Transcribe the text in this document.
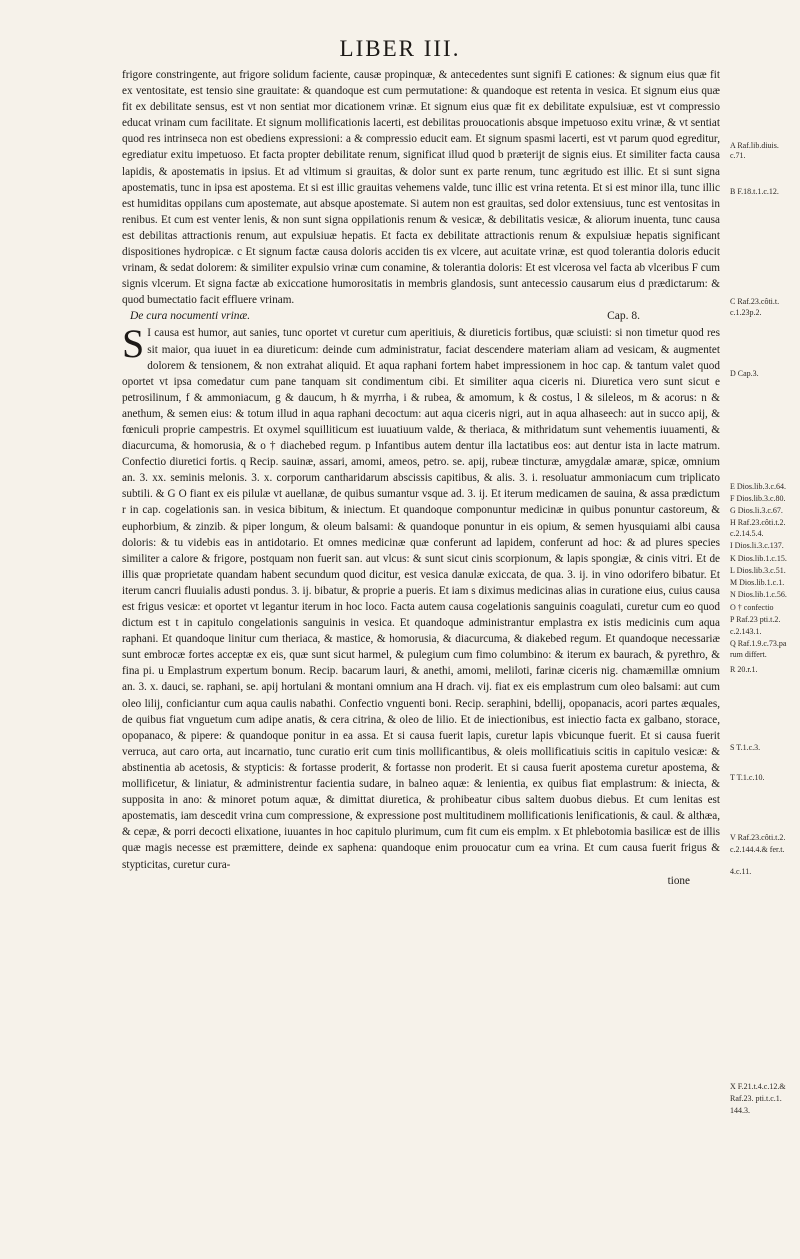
LIBER III.

frigore constringente, aut frigore solidum faciente, causæ propinquæ, & antecedentes sunt signifi E cationes: & signum eius quæ fit ex ventositate, est tensio sine grauitate: & quandoque est cum permutatione: & quandoque est retenta in vesica. Et signum eius quæ fit ex debilitate sensus, est vt non sentiat mor dicationem vrinæ. Et signum eius quæ fit ex debilitate expulsiuæ, est vt compressio educat vrinam cum facilitate. Et signum mollificationis lacerti, est debilitas prouocationis absque impetuoso exitu vrinæ, & vt sentiat quod res intrinseca non est obediens expressioni: a & compressio educit eam. Et signum spasmi lacerti, est vt parum quod egreditur, egrediatur exitu impetuoso. Et facta propter debilitate renum, significat illud quod b præterijt de signis eius. Et similiter facta causa lapidis, & apostematis in ipsius. Et ad vltimum si grauitas, & dolor sunt ex parte renum, tunc ægritudo est illic. Et si sunt signa apostematis, tunc in ipsa est apostema. Et si est illic grauitas vehemens valde, tunc illic est vrina retenta. Et si est minor illa, tunc illic est humiditas oppilans cum apostemate, aut absque apostemate. Si autem non est grauitas, sed dolor extensiuus, tunc est ventositas in renibus. Et cum est venter lenis, & non sunt signa oppilationis renum & vesicæ, & debilitatis vesicæ, & aliorum inuenta, tunc causa est debilitas attractionis renum, aut expulsiuæ hepatis. Et facta ex debilitate attractionis renum & expulsiuæ hepatis significant dispositiones hydropicæ. c Et signum factæ causa doloris acciden tis ex vlcere, aut acuitate vrinæ, est quod tolerantia doloris educit vrinam, & sedat dolorem: & similiter expulsio vrinæ cum conamine, & tolerantia doloris: Et est vlcerosa vel facta ab vlceribus F cum signis vlcerum. Et signa factæ ab exiccatione humorositatis in membris glandosis, sunt antecessio causarum eius d prædictarum: & quod bumectatio facit effluere vrinam.

De cura nocumenti vrinæ.	Cap. 8.

S I causa est humor, aut sanies, tunc oportet vt curetur cum aperitiuis, & diureticis fortibus, quæ sciuisti: si non timetur quod res sit maior, qua iuuet in ea diureticum: deinde cum administratur, faciat descendere materiam aliam ad vesicam, & augmentet dolorem & tensionem, & non extrahat aliquid. Et aqua raphani fortem habet impressionem in hoc cap. & tantum valet quod oportet vt ipsa comedatur cum pane tanquam sit condimentum cibi. Et similiter aqua ciceris ni. Diuretica vero sunt sicut e petrosilinum, f & ammoniacum, g & daucum, h & myrrha, i & rubea, & amomum, k & costus, l & sileleos, m & acorus: n & anethum, & semen eius: & totum illud in aqua raphani decoctum: aut aqua ciceris nigri, aut in aqua alhaseech: aut in succo apij, & fœniculi proprie campestris. Et oxymel squilliticum est iuuatiuum valde, & theriaca, & mithridatum sunt vehementis iuuamenti, & diacurcuma, & homorusia, & o † diachebed regum. p Infantibus autem dentur illa lactatibus eos: aut dentur ista in lacte matrum. Confectio diuretici fortis. q Recip. sauinæ, assari, amomi, ameos, petro. se. apij, rubeæ tincturæ, amygdalæ amaræ, spicæ, omnium an. 3. xx. seminis melonis. 3. x. corporum cantharidarum abscissis capitibus, & alis. 3. i. resoluatur ammoniacum cum triplicato subtili. & G O fiant ex eis pilulæ vt auellanæ, de quibus sumantur vsque ad. 3. ij. Et iterum medicamen de sauina, & assa prædictum r in cap. cogelationis san. in vesica bibitum, & iniectum. Et quandoque componuntur medicinæ in quibus ponuntur castoreum, & euphorbium, & zinzib. & piper longum, & oleum balsami: & quandoque ponuntur in eis opium, & semen hyusquiami albi causa doloris: & tu videbis eas in antidotario. Et omnes medicinæ quæ conferunt ad lapidem, conferunt ad hoc: & ad plures species similiter a calore & frigore, postquam non fuerit san. aut vlcus: & sunt sicut cinis scorpionum, & lapis spongiæ, & cinis vitri. Et de illis quæ proprietate quandam habent secundum quod dicitur, est vesica danulæ exiccata, de qua. 3. ij. in vino odorifero bibatur. Et iterum cancri fluuialis adusti pondus. 3. ij. bibatur, & proprie a pueris. Et iam s diximus medicinas alias in curatione eius, cuius causa est frigus vesicæ: et oportet vt legantur iterum in hoc loco. Facta autem causa cogelationis sanguinis coagulati, curetur cum eo quod dictum est t in capitulo congelationis sanguinis in vesica. Et quandoque administrantur emplastra ex istis medicinis cum aqua raphani. Et quandoque linitur cum theriaca, & mastice, & homorusia, & diacurcuma, & diakebed regum. Et quandoque necessariæ sunt embrocæ fortes acceptæ ex eis, quæ sunt sicut harmel, & pulegium cum fimo columbino: & iterum ex baurach, & pyrethro, & fina pi. u Emplastrum expertum bonum. Recip. bacarum lauri, & anethi, amomi, meliloti, farinæ ciceris nig. chamæmillæ omnium an. 3. x. dauci, se. raphani, se. apij hortulani & montani omnium ana H drach. vij. fiat ex eis emplastrum cum oleo balsami: aut cum oleo lilij, conficiantur cum aqua caulis nabathi. Confectio vnguenti boni. Recip. seraphini, bdellij, opopanacis, acori partes æquales, de quibus fiat vnguetum cum adipe anatis, & cera citrina, & oleo de lilio. Et de iniectionibus, est iniectio facta ex galbano, storace, opopanaco, & pipere: & quandoque ponitur in ea assa. Et si causa fuerit lapis, curetur lapis vbicunque fuerit. Et si causa fuerit verruca, aut caro orta, aut incarnatio, tunc curatio erit cum tinis mollificantibus, & oleis mollificatiuis scitis in capitulo vesicæ: & abstinentia ab acetosis, & stypticis: & fortasse proderit, & fortasse non proderit. Et si causa fuerit apostema curetur apostema, & mollificetur, & liniatur, & administrentur facientia sudare, in balneo aquæ: & lenientia, ex quibus fiat emplastrum: & iniecta, & supposita in ano: & minoret potum aquæ, & dimittat diuretica, & prohibeatur cibus saltem duobus diebus. Et cum lenitas est apostematis, iam descedit vrina cum compressione, & expressione post multitudinem mollificationis lenificationis, & caul. & althæa, & cepæ, & porri decocti elixatione, iuuantes in hoc capitulo plurimum, cum fit cum eis emplm. x Et phlebotomia basilicæ est de illis quæ magis necesse est præmittere, deinde ex saphena: quandoque enim prouocatur cum ea vrina. Et cum causa fuerit frigus & stypticitas, curetur cura-

tione

A Raf.lib.diuis.
c.71.
B F.18.t.1.c.12.
C Raf.23.côti.t.
c.1.23p.2.
D Cap.3.
E Dios.lib.3.c.64.
F Dios.lib.3.c.80.
G Dios.li.3.c.67.
H Raf.23.côti.t.2.
c.2.14.5.4.
I Dios.li.3.c.137.
K Dios.lib.1.c.15.
L Dios.lib.3.c.51.
M Dios.lib.1.c.1.
N Dios.lib.1.c.56.
O † confectio
P Raf.23 pti.t.2.
c.2.143.1.
Q Raf.1.9.c.73.pa
rum differt.
R 20.r.1.
S T.1.c.3.
T T.1.c.10.
V Raf.23.côti.t.2.
c.2.144.4.& fer.t.
4.c.11.
X F.21.t.4.c.12.&
Raf.23. pti.t.c.1.
144.3.
